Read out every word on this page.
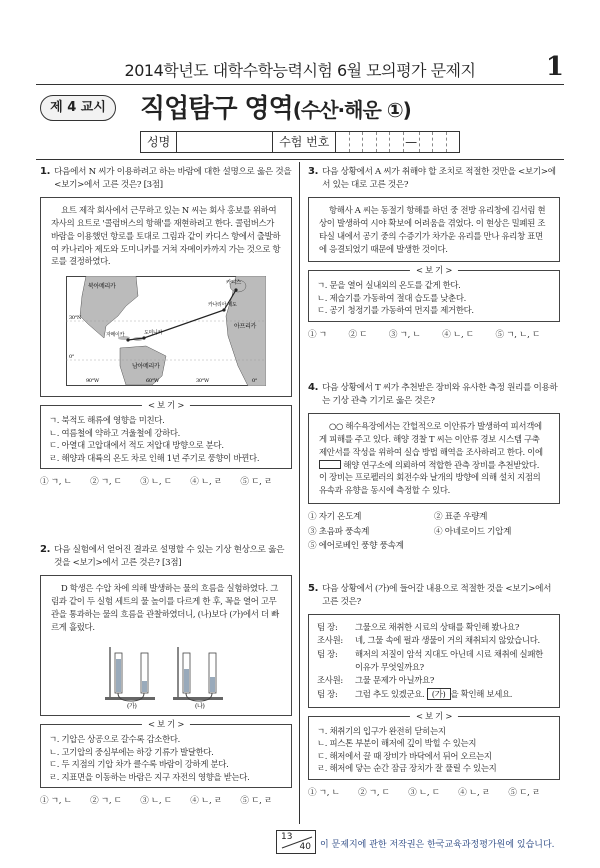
2014학년도 대학수학능력시험 6월 모의평가 문제지	1
제 4 교시	직업탐구 영역(수산·해운 ①)
성명	수험 번호	—
1. 다음에서 N 씨가 이용하려고 하는 바람에 대한 설명으로 옳은 것을 <보기>에서 고른 것은? [3점]
요트 제작 회사에서 근무하고 있는 N 씨는 회사 홍보를 위하여 자사의 요트로 '콜럼버스의 항해'를 재현하려고 한다. 콜럼버스가 바람을 이용했던 항로를 토대로 그림과 같이 카디스 항에서 출발하여 카나리아 제도와 도미니카를 거쳐 자메이카까지 가는 것으로 항로를 결정하였다.
북아메리카	카디스
카나리아 제도
아프리카
자메이카	도미니카
남아메리카
30°N
0°
90°W	60°W	30°W	0°
< 보 기 >
ㄱ. 북적도 해류에 영향을 미친다.
ㄴ. 여름철에 약하고 겨울철에 강하다.
ㄷ. 아열대 고압대에서 적도 저압대 방향으로 분다.
ㄹ. 해양과 대륙의 온도 차로 인해 1년 주기로 풍향이 바뀐다.
① ㄱ, ㄴ ② ㄱ, ㄷ ③ ㄴ, ㄷ ④ ㄴ, ㄹ ⑤ ㄷ, ㄹ
2. 다음 실험에서 얻어진 결과로 설명할 수 있는 기상 현상으로 옳은 것을 <보기>에서 고른 것은? [3점]
D 학생은 수압 차에 의해 발생하는 물의 흐름을 실험하였다. 그림과 같이 두 실험 세트의 물 높이를 다르게 한 후, 꼭을 열어 고무관을 통과하는 물의 흐름을 관찰하였더니, (나)보다 (가)에서 더 빠르게 흘렀다.
(가)	(나)
< 보 기 >
ㄱ. 기압은 상공으로 갈수록 감소한다.
ㄴ. 고기압의 중심부에는 하강 기류가 발달한다.
ㄷ. 두 지점의 기압 차가 클수록 바람이 강하게 분다.
ㄹ. 지표면을 이동하는 바람은 지구 자전의 영향을 받는다.
① ㄱ, ㄴ ② ㄱ, ㄷ ③ ㄴ, ㄷ ④ ㄴ, ㄹ ⑤ ㄷ, ㄹ
3. 다음 상황에서 A 씨가 취해야 할 조치로 적절한 것만을 <보기>에서 있는 대로 고른 것은?
항해사 A 씨는 동절기 항해를 하던 중 전방 유리창에 김서림 현상이 발생하여 시야 확보에 어려움을 겪었다. 이 현상은 밀폐된 조타실 내에서 공기 중의 수증기가 차가운 유리를 만나 유리창 표면에 응결되었기 때문에 발생한 것이다.
< 보 기 >
ㄱ. 문을 열어 실내외의 온도를 같게 한다.
ㄴ. 제습기를 가동하여 절대 습도를 낮춘다.
ㄷ. 공기 청정기를 가동하여 먼지를 제거한다.
① ㄱ	② ㄷ	③ ㄱ, ㄴ	④ ㄴ, ㄷ	⑤ ㄱ, ㄴ, ㄷ
4. 다음 상황에서 T 씨가 추천받은 장비와 유사한 측정 원리를 이용하는 기상 관측 기기로 옳은 것은?
○○ 해수욕장에서는 간헐적으로 이안류가 발생하여 피서객에게 피해를 주고 있다. 해양 경찰 T 씨는 이안류 경보 시스템 구축 제안서를 작성을 위하여 실습 방법 해역을 조사하려고 한다. 이에  해양 연구소에 의뢰하여 적합한 관측 장비를 추천받았다. 이 장비는 프로펠러의 회전수와 날개의 방향에 의해 설치 지점의 유속과 유향을 동시에 측정할 수 있다.
① 자기 온도계	② 표준 우량계
③ 초음파 풍속계	④ 아네로이드 기압계
⑤ 에어로베인 풍향 풍속계
5. 다음 상황에서 (가)에 들어갈 내용으로 적절한 것을 <보기>에서 고른 것은?
팀 장:	그물으로 채취한 시료의 상태를 확인해 봤나요?
조사원:	네, 그물 속에 펄과 생물이 거의 채취되지 않았습니다.
팀 장:	해저의 저질이 암석 지대도 아닌데 시료 채취에 실패한 이유가 무엇일까요?
조사원:	그물 문제가 아닐까요?
팀 장:	그럼 추도 있겠군요. (가) 을 확인해 보세요.
< 보 기 >
ㄱ. 채취기의 입구가 완전히 닫히는지
ㄴ. 피스톤 부분이 해저에 깊이 박힐 수 있는지
ㄷ. 해저에서 끌 때 장비가 바닥에서 뒤어 오르는지
ㄹ. 해저에 닿는 순간 잠금 장치가 잘 풀릴 수 있는지
① ㄱ, ㄴ ② ㄱ, ㄷ ③ ㄴ, ㄷ ④ ㄴ, ㄹ ⑤ ㄷ, ㄹ
13
40 이 문제지에 관한 저작권은 한국교육과정평가원에 있습니다.
